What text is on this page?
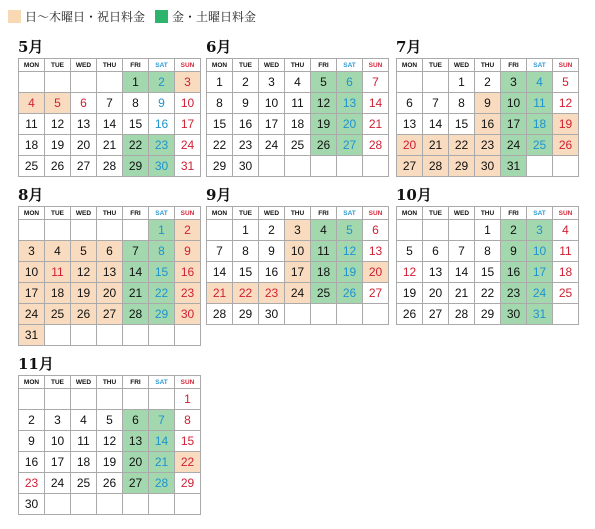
日～木曜日・祝日料金 金・土曜日料金
5月
MON	TUE	WED	THU	FRI	SAT	SUN
				1	2	3
4	5	6	7	8	9	10
11	12	13	14	15	16	17
18	19	20	21	22	23	24
25	26	27	28	29	30	31
6月
MON	TUE	WED	THU	FRI	SAT	SUN
1	2	3	4	5	6	7
8	9	10	11	12	13	14
15	16	17	18	19	20	21
22	23	24	25	26	27	28
29	30					
7月
MON	TUE	WED	THU	FRI	SAT	SUN
		1	2	3	4	5
6	7	8	9	10	11	12
13	14	15	16	17	18	19
20	21	22	23	24	25	26
27	28	29	30	31		
8月
MON	TUE	WED	THU	FRI	SAT	SUN
					1	2
3	4	5	6	7	8	9
10	11	12	13	14	15	16
17	18	19	20	21	22	23
24	25	26	27	28	29	30
31						
9月
MON	TUE	WED	THU	FRI	SAT	SUN
	1	2	3	4	5	6
7	8	9	10	11	12	13
14	15	16	17	18	19	20
21	22	23	24	25	26	27
28	29	30				
10月
MON	TUE	WED	THU	FRI	SAT	SUN
			1	2	3	4
5	6	7	8	9	10	11
12	13	14	15	16	17	18
19	20	21	22	23	24	25
26	27	28	29	30	31	
11月
MON	TUE	WED	THU	FRI	SAT	SUN
						1
2	3	4	5	6	7	8
9	10	11	12	13	14	15
16	17	18	19	20	21	22
23	24	25	26	27	28	29
30						
